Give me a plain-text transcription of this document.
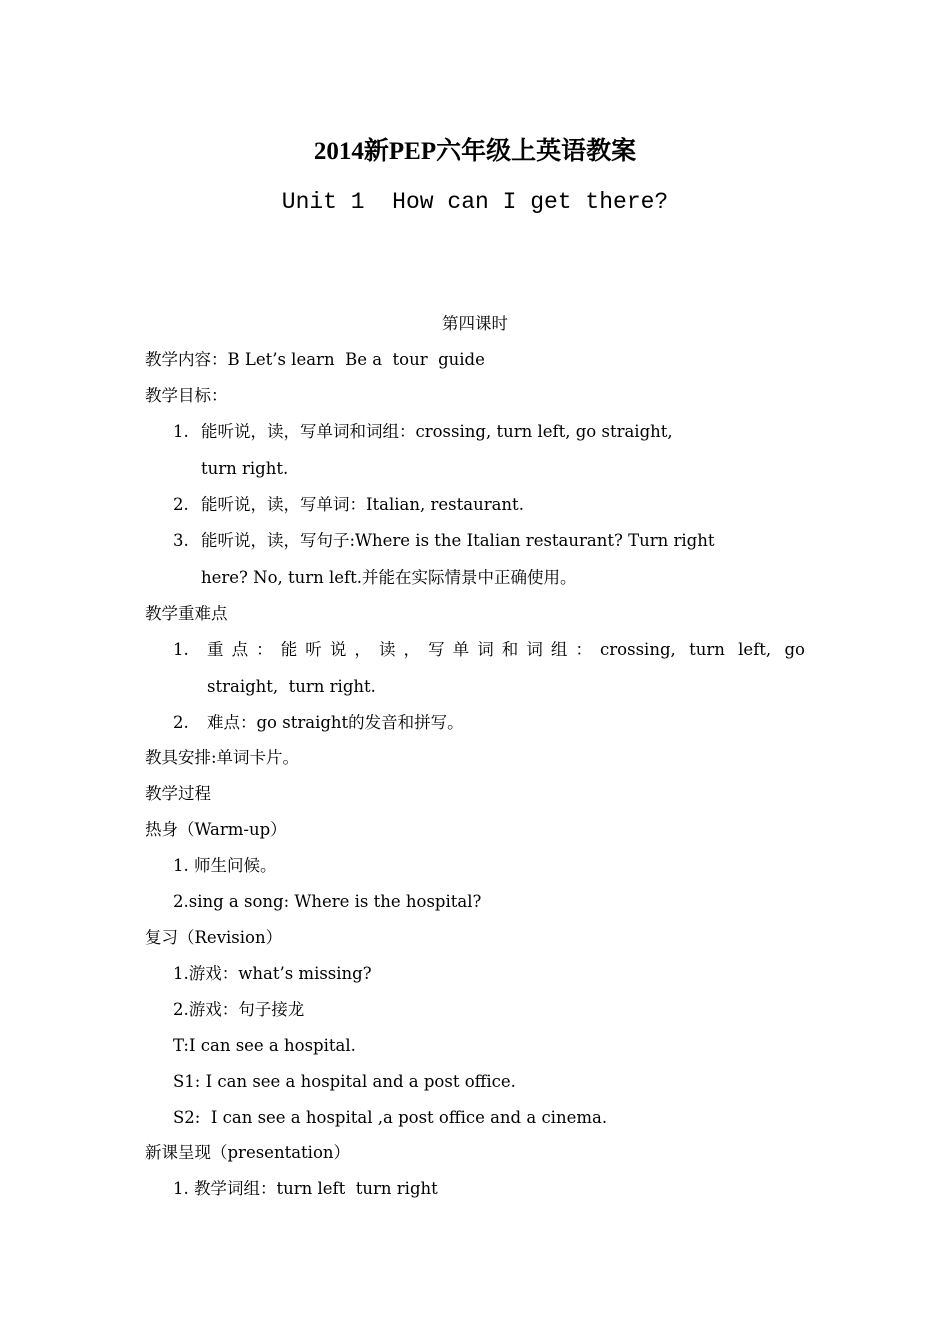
2014新PEP六年级上英语教案
Unit 1  How can I get there?
第四课时
教学内容：B Let’s learn  Be a  tour  guide
教学目标：
1. 能听说，读，写单词和词组：crossing, turn left, go straight,
turn right.
2. 能听说，读，写单词：Italian, restaurant.
3. 能听说，读，写句子:Where is the Italian restaurant? Turn right
here? No, turn left.并能在实际情景中正确使用。
教学重难点
1. 重点：能听说，读，写单词和词组：crossing, turn left, go
straight,  turn right.
2. 难点：go straight的发音和拼写。
教具安排:单词卡片。
教学过程
热身（Warm-up）
1. 师生问候。
2.sing a song: Where is the hospital?
复习（Revision）
1.游戏：what’s missing?
2.游戏：句子接龙
T:I can see a hospital.
S1: I can see a hospital and a post office.
S2:  I can see a hospital ,a post office and a cinema.
新课呈现（presentation）
1. 教学词组：turn left  turn right
